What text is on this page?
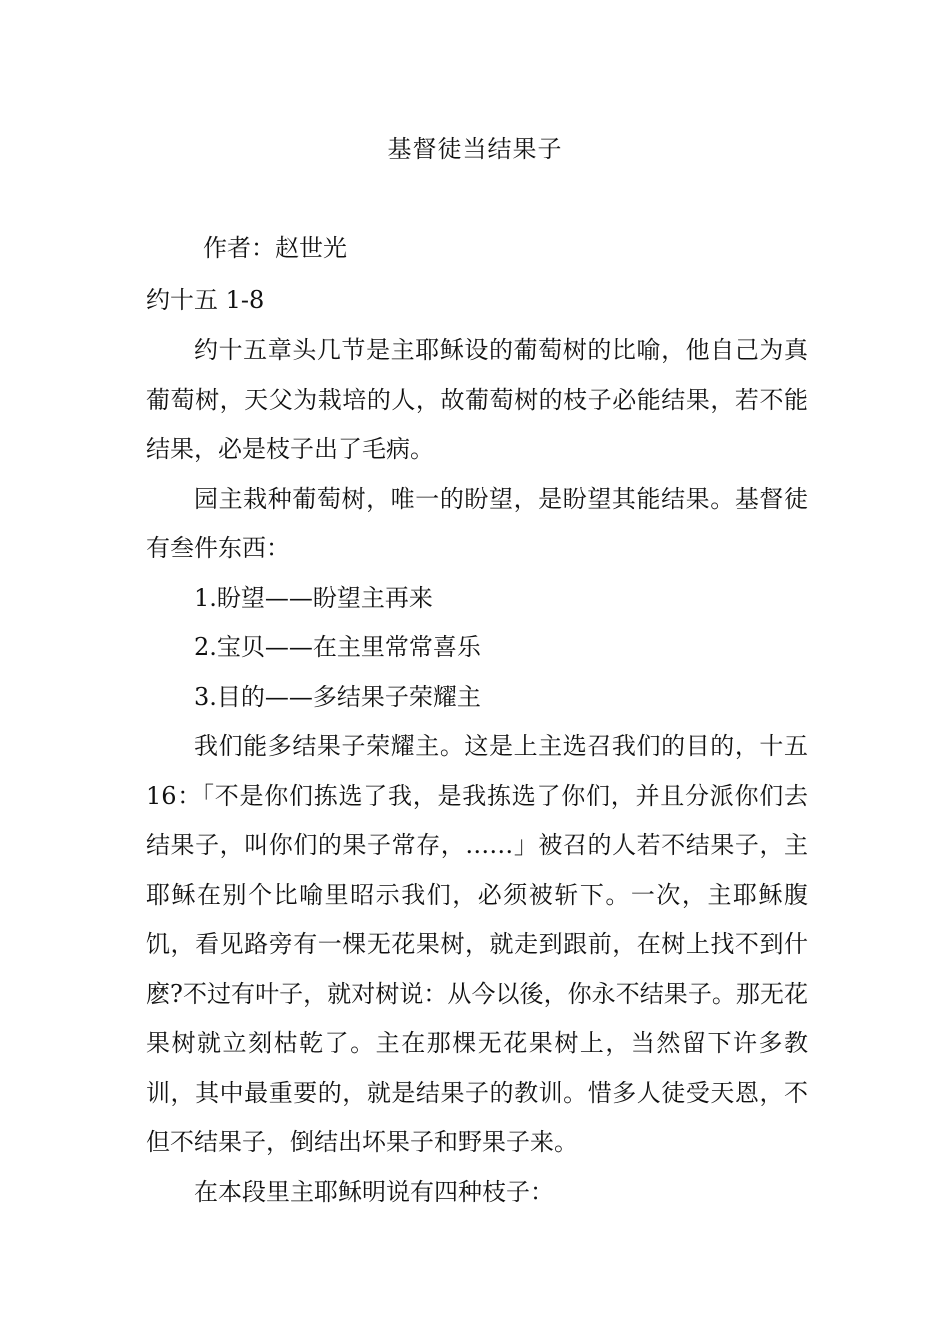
基督徒当结果子
作者：赵世光
约十五 1-8

约十五章头几节是主耶稣设的葡萄树的比喻，他自己为真葡萄树，天父为栽培的人，故葡萄树的枝子必能结果，若不能结果，必是枝子出了毛病。

园主栽种葡萄树，唯一的盼望，是盼望其能结果。基督徒有叁件东西：

1.盼望——盼望主再来

2.宝贝——在主里常常喜乐

3.目的——多结果子荣耀主

我们能多结果子荣耀主。这是上主选召我们的目的，十五 16：「不是你们拣选了我，是我拣选了你们，并且分派你们去结果子，叫你们的果子常存，……」被召的人若不结果子，主耶稣在别个比喻里昭示我们，必须被斩下。一次，主耶稣腹饥，看见路旁有一棵无花果树，就走到跟前，在树上找不到什麽?不过有叶子，就对树说：从今以後，你永不结果子。那无花果树就立刻枯乾了。主在那棵无花果树上，当然留下许多教训，其中最重要的，就是结果子的教训。惜多人徒受天恩，不但不结果子，倒结出坏果子和野果子来。

在本段里主耶稣明说有四种枝子：
